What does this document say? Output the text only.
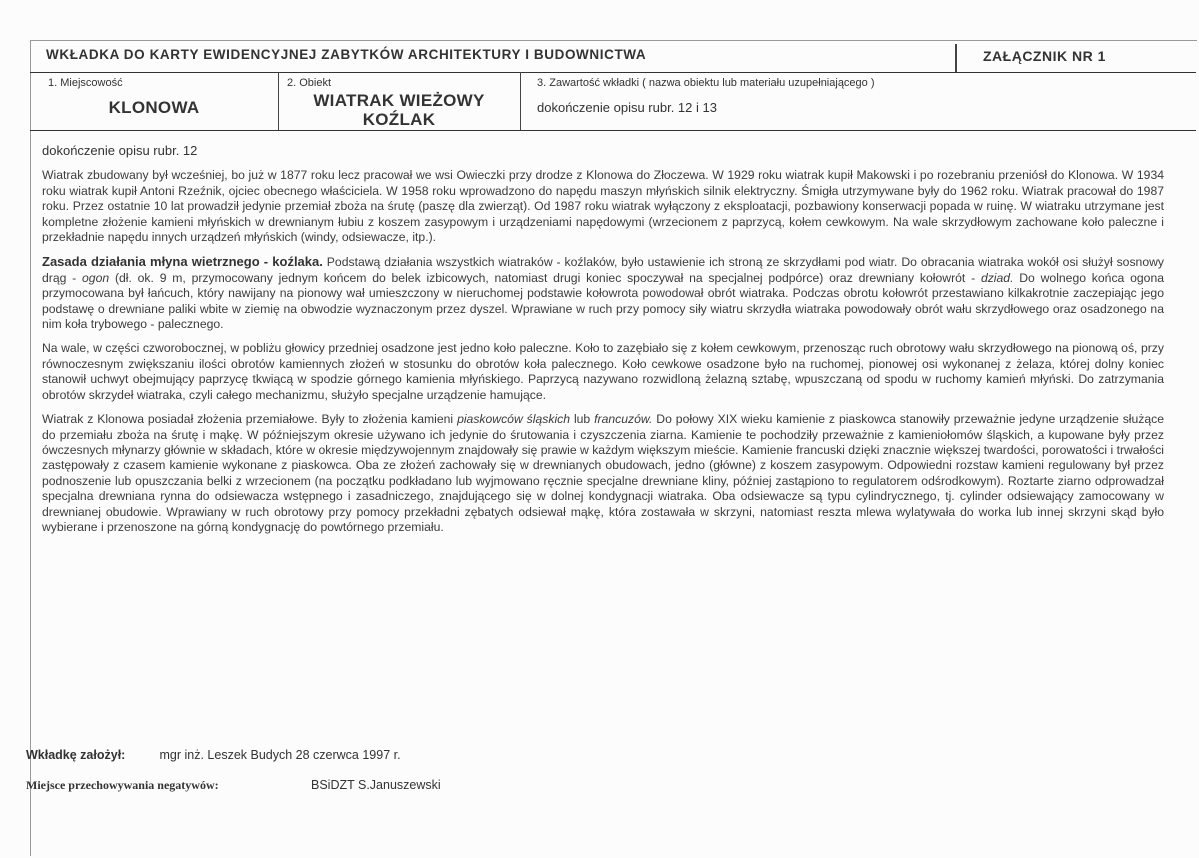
WKŁADKA DO KARTY EWIDENCYJNEJ ZABYTKÓW ARCHITEKTURY I BUDOWNICTWA	ZAŁĄCZNIK NR 1
1. Miejscowość
KLONOWA
2. Obiekt
WIATRAK WIEŻOWY
KOŹLAK
3. Zawartość wkładki ( nazwa obiektu lub materiału uzupełniającego )
dokończenie opisu rubr. 12 i 13
dokończenie opisu rubr. 12

Wiatrak zbudowany był wcześniej, bo już w 1877 roku lecz pracował we wsi Owieczki przy drodze z Klonowa do Złoczewa. W 1929 roku wiatrak kupił Makowski i po rozebraniu przeniósł do Klonowa. W 1934 roku wiatrak kupił Antoni Rzeźnik, ojciec obecnego właściciela. W 1958 roku wprowadzono do napędu maszyn młyńskich silnik elektryczny. Śmigła utrzymywane były do 1962 roku. Wiatrak pracował do 1987 roku. Przez ostatnie 10 lat prowadził jedynie przemiał zboża na śrutę (paszę dla zwierząt). Od 1987 roku wiatrak wyłączony z eksploatacji, pozbawiony konserwacji popada w ruinę. W wiatraku utrzymane jest kompletne złożenie kamieni młyńskich w drewnianym łubiu z koszem zasypowym i urządzeniami napędowymi (wrzecionem z paprzycą, kołem cewkowym. Na wale skrzydłowym zachowane koło paleczne i przekładnie napędu innych urządzeń młyńskich (windy, odsiewacze, itp.).

Zasada działania młyna wietrznego - koźlaka. Podstawą działania wszystkich wiatraków - koźlaków, było ustawienie ich stroną ze skrzydłami pod wiatr. Do obracania wiatraka wokół osi służył sosnowy drąg - ogon (dł. ok. 9 m, przymocowany jednym końcem do belek izbicowych, natomiast drugi koniec spoczywał na specjalnej podpórce) oraz drewniany kołowrót - dziad. Do wolnego końca ogona przymocowana był łańcuch, który nawijany na pionowy wał umieszczony w nieruchomej podstawie kołowrota powodował obrót wiatraka. Podczas obrotu kołowrót przestawiano kilkakrotnie zaczepiając jego podstawę o drewniane paliki wbite w ziemię na obwodzie wyznaczonym przez dyszel. Wprawiane w ruch przy pomocy siły wiatru skrzydła wiatraka powodowały obrót wału skrzydłowego oraz osadzonego na nim koła trybowego - palecznego.

Na wale, w części czworobocznej, w pobliżu głowicy przedniej osadzone jest jedno koło paleczne. Koło to zazębiało się z kołem cewkowym, przenosząc ruch obrotowy wału skrzydłowego na pionową oś, przy równoczesnym zwiększaniu ilości obrotów kamiennych złożeń w stosunku do obrotów koła palecznego. Koło cewkowe osadzone było na ruchomej, pionowej osi wykonanej z żelaza, której dolny koniec stanowił uchwyt obejmujący paprzycę tkwiącą w spodzie górnego kamienia młyńskiego. Paprzycą nazywano rozwidloną żelazną sztabę, wpuszczaną od spodu w ruchomy kamień młyński. Do zatrzymania obrotów skrzydeł wiatraka, czyli całego mechanizmu, służyło specjalne urządzenie hamujące.

Wiatrak z Klonowa posiadał złożenia przemiałowe. Były to złożenia kamieni piaskowców śląskich lub francuzów. Do połowy XIX wieku kamienie z piaskowca stanowiły przeważnie jedyne urządzenie służące do przemiału zboża na śrutę i mąkę. W późniejszym okresie używano ich jedynie do śrutowania i czyszczenia ziarna. Kamienie te pochodziły przeważnie z kamieniołomów śląskich, a kupowane były przez ówczesnych młynarzy głównie w składach, które w okresie międzywojennym znajdowały się prawie w każdym większym mieście. Kamienie francuski dzięki znacznie większej twardości, porowatości i trwałości zastępowały z czasem kamienie wykonane z piaskowca. Oba ze złożeń zachowały się w drewnianych obudowach, jedno (główne) z koszem zasypowym. Odpowiedni rozstaw kamieni regulowany był przez podnoszenie lub opuszczania belki z wrzecionem (na początku podkładano lub wyjmowano ręcznie specjalne drewniane kliny, później zastąpiono to regulatorem odśrodkowym). Roztarte ziarno odprowadzał specjalna drewniana rynna do odsiewacza wstępnego i zasadniczego, znajdującego się w dolnej kondygnacji wiatraka. Oba odsiewacze są typu cylindrycznego, tj. cylinder odsiewający zamocowany w drewnianej obudowie. Wprawiany w ruch obrotowy przy pomocy przekładni zębatych odsiewał mąkę, która zostawała w skrzyni, natomiast reszta mlewa wylatywała do worka lub innej skrzyni skąd było wybierane i przenoszone na górną kondygnację do powtórnego przemiału.

Wkładkę założył:	mgr inż. Leszek Budych 28 czerwca 1997 r.
Miejsce przechowywania negatywów:	BSiDZT S.Januszewski
